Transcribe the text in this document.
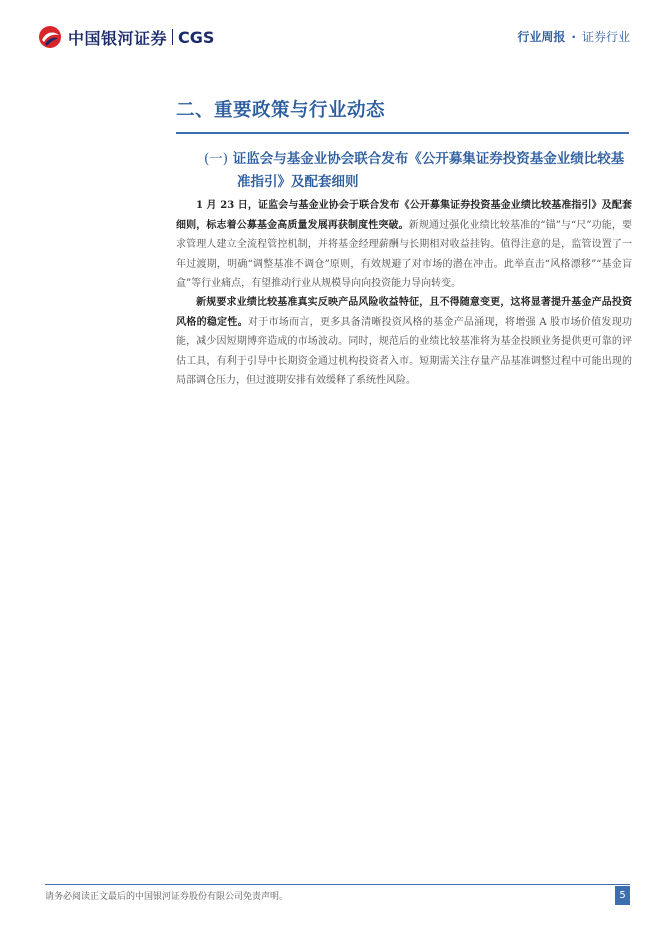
中国银河证券 CGS	行业周报 · 证券行业
二、重要政策与行业动态
(一) 证监会与基金业协会联合发布《公开募集证券投资基金业绩比较基
准指引》及配套细则
1 月 23 日，证监会与基金业协会于联合发布《公开募集证券投资基金业绩比较基准指引》及配套细则，标志着公募基金高质量发展再获制度性突破。新规通过强化业绩比较基准的“锚”与“尺”功能，要求管理人建立全流程管控机制，并将基金经理薪酬与长期相对收益挂钩。值得注意的是，监管设置了一年过渡期，明确“调整基准不调仓”原则，有效规避了对市场的潜在冲击。此举直击“风格漂移”“基金盲盒”等行业痛点，有望推动行业从规模导向向投资能力导向转变。
新规要求业绩比较基准真实反映产品风险收益特征，且不得随意变更，这将显著提升基金产品投资风格的稳定性。对于市场而言，更多具备清晰投资风格的基金产品涌现，将增强 A 股市场价值发现功能，减少因短期博弈造成的市场波动。同时，规范后的业绩比较基准将为基金投顾业务提供更可靠的评估工具，有利于引导中长期资金通过机构投资者入市。短期需关注存量产品基准调整过程中可能出现的局部调仓压力，但过渡期安排有效缓释了系统性风险。
请务必阅读正文最后的中国银河证券股份有限公司免责声明。	5
